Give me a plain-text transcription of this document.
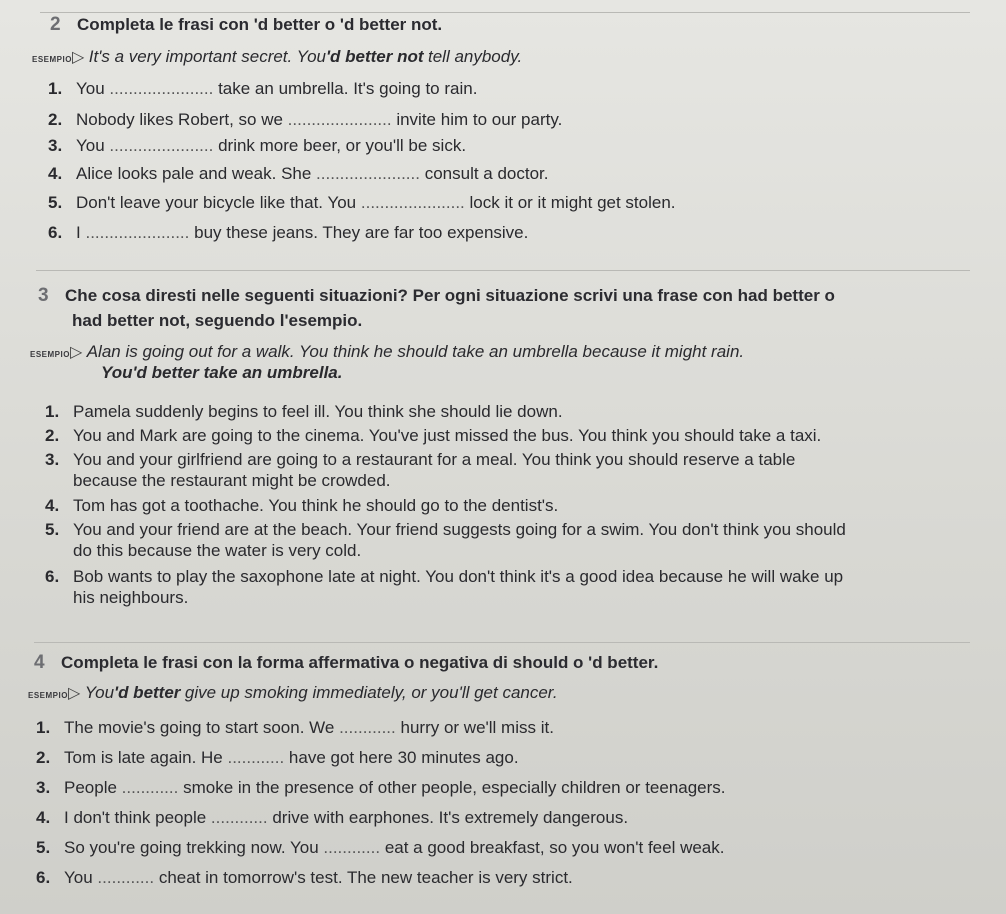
2 Completa le frasi con 'd better o 'd better not.
ESEMPIO▷ It's a very important secret. You'd better not tell anybody.
1. You ...................... take an umbrella. It's going to rain.
2. Nobody likes Robert, so we ...................... invite him to our party.
3. You ...................... drink more beer, or you'll be sick.
4. Alice looks pale and weak. She ...................... consult a doctor.
5. Don't leave your bicycle like that. You ...................... lock it or it might get stolen.
6. I ...................... buy these jeans. They are far too expensive.
3 Che cosa diresti nelle seguenti situazioni? Per ogni situazione scrivi una frase con had better o
had better not, seguendo l'esempio.
ESEMPIO▷ Alan is going out for a walk. You think he should take an umbrella because it might rain.
You'd better take an umbrella.
1. Pamela suddenly begins to feel ill. You think she should lie down.
2. You and Mark are going to the cinema. You've just missed the bus. You think you should take a taxi.
3. You and your girlfriend are going to a restaurant for a meal. You think you should reserve a table
because the restaurant might be crowded.
4. Tom has got a toothache. You think he should go to the dentist's.
5. You and your friend are at the beach. Your friend suggests going for a swim. You don't think you should
do this because the water is very cold.
6. Bob wants to play the saxophone late at night. You don't think it's a good idea because he will wake up
his neighbours.
4 Completa le frasi con la forma affermativa o negativa di should o 'd better.
ESEMPIO▷ You'd better give up smoking immediately, or you'll get cancer.
1. The movie's going to start soon. We ............ hurry or we'll miss it.
2. Tom is late again. He ............ have got here 30 minutes ago.
3. People ............ smoke in the presence of other people, especially children or teenagers.
4. I don't think people ............ drive with earphones. It's extremely dangerous.
5. So you're going trekking now. You ............ eat a good breakfast, so you won't feel weak.
6. You ............ cheat in tomorrow's test. The new teacher is very strict.
